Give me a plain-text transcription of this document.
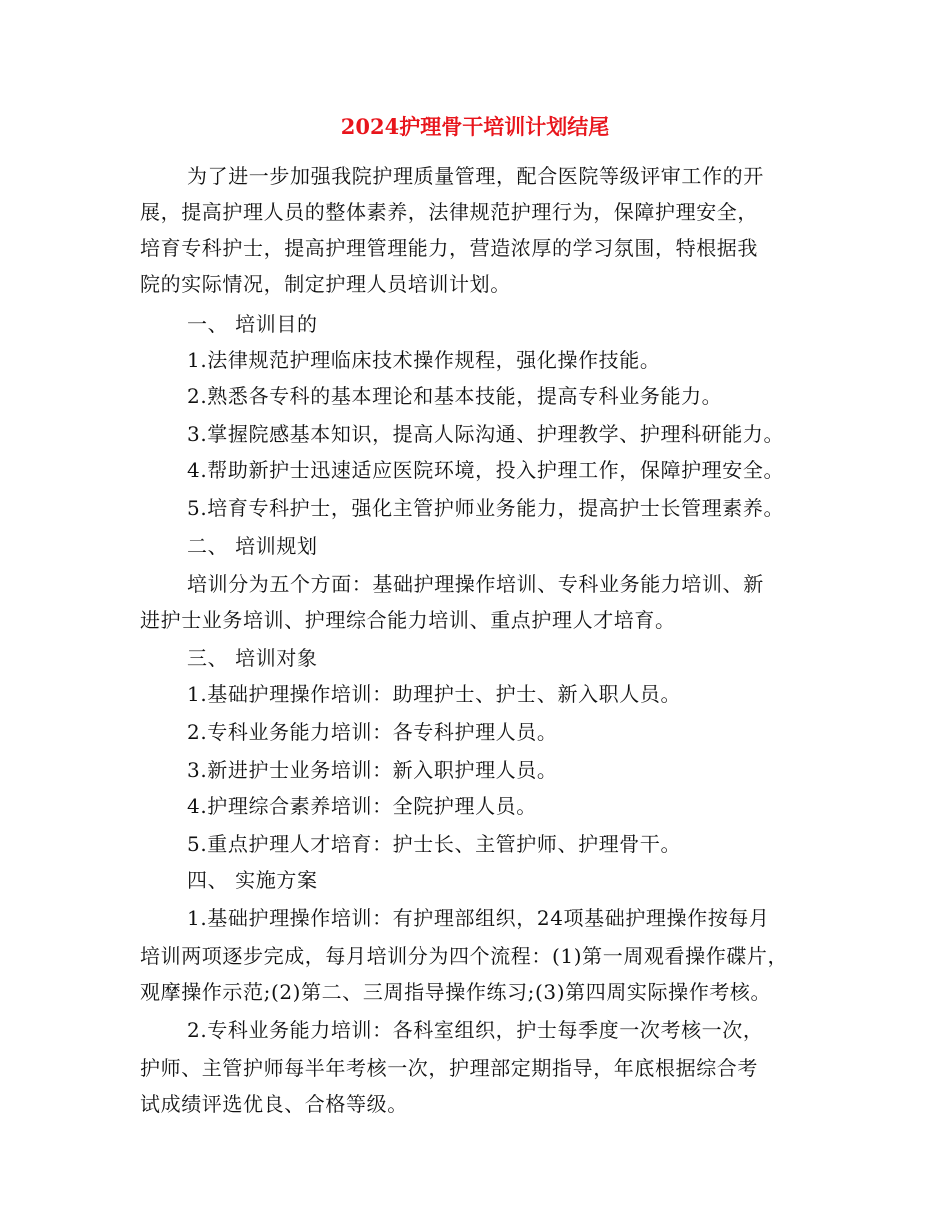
2024护理骨干培训计划结尾
为了进一步加强我院护理质量管理，配合医院等级评审工作的开
展，提高护理人员的整体素养，法律规范护理行为，保障护理安全，
培育专科护士，提高护理管理能力，营造浓厚的学习氛围，特根据我
院的实际情况，制定护理人员培训计划。
一、 培训目的
1.法律规范护理临床技术操作规程，强化操作技能。
2.熟悉各专科的基本理论和基本技能，提高专科业务能力。
3.掌握院感基本知识，提高人际沟通、护理教学、护理科研能力。
4.帮助新护士迅速适应医院环境，投入护理工作，保障护理安全。
5.培育专科护士，强化主管护师业务能力，提高护士长管理素养。
二、 培训规划
培训分为五个方面：基础护理操作培训、专科业务能力培训、新
进护士业务培训、护理综合能力培训、重点护理人才培育。
三、 培训对象
1.基础护理操作培训：助理护士、护士、新入职人员。
2.专科业务能力培训：各专科护理人员。
3.新进护士业务培训：新入职护理人员。
4.护理综合素养培训：全院护理人员。
5.重点护理人才培育：护士长、主管护师、护理骨干。
四、 实施方案
1.基础护理操作培训：有护理部组织，24项基础护理操作按每月
培训两项逐步完成，每月培训分为四个流程：(1)第一周观看操作碟片，
观摩操作示范;(2)第二、三周指导操作练习;(3)第四周实际操作考核。
2.专科业务能力培训：各科室组织，护士每季度一次考核一次，
护师、主管护师每半年考核一次，护理部定期指导，年底根据综合考
试成绩评选优良、合格等级。
